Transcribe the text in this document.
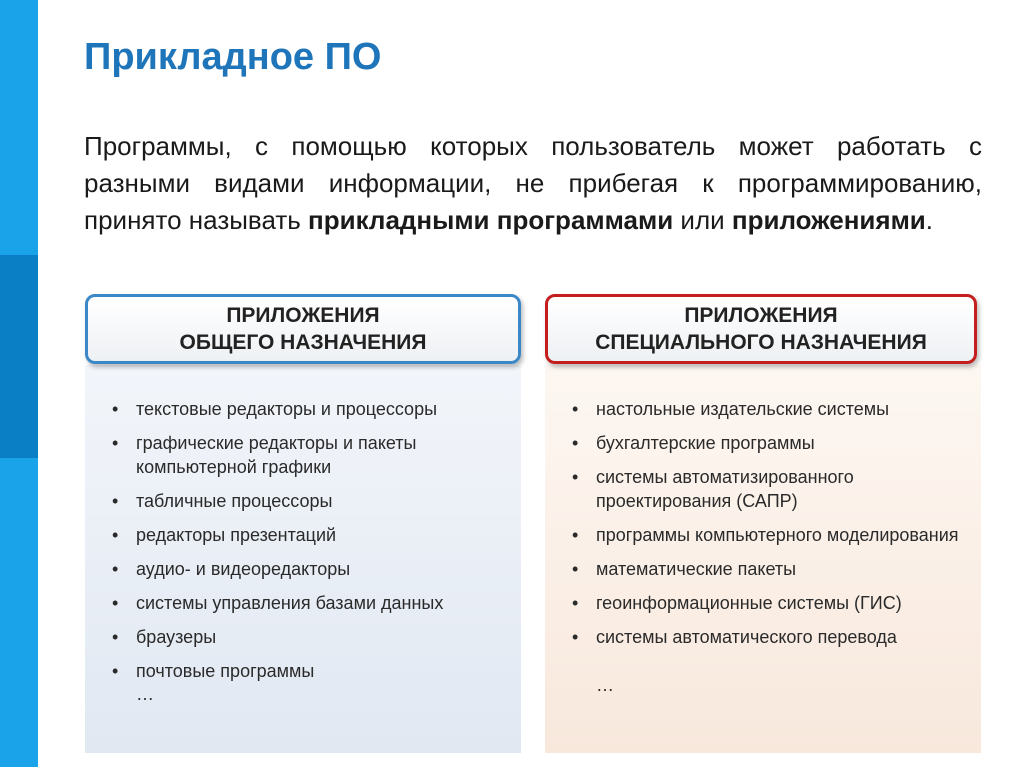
Прикладное ПО

Программы, с помощью которых пользователь может работать с разными видами информации, не прибегая к программированию, принято называть прикладными программами или приложениями.

ПРИЛОЖЕНИЯ
ОБЩЕГО НАЗНАЧЕНИЯ
ПРИЛОЖЕНИЯ
СПЕЦИАЛЬНОГО НАЗНАЧЕНИЯ
• текстовые редакторы и процессоры
• графические редакторы и пакеты компьютерной графики
• табличные процессоры
• редакторы презентаций
• аудио- и видеоредакторы
• системы управления базами данных
• браузеры
• почтовые программы
…
• настольные издательские системы
• бухгалтерские программы
• системы автоматизированного проектирования (САПР)
• программы компьютерного моделирования
• математические пакеты
• геоинформационные системы (ГИС)
• системы автоматического перевода
…
